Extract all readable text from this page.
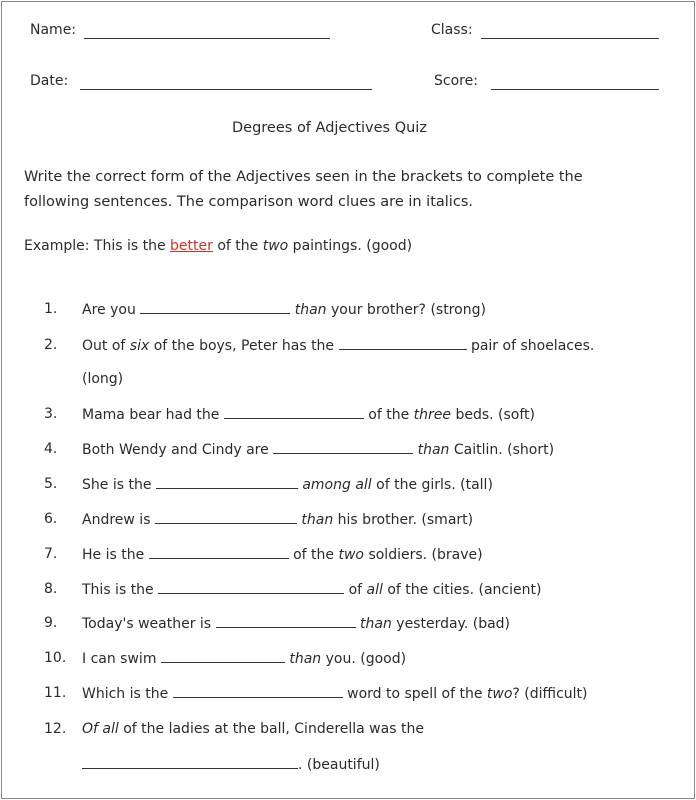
Name:	Class:
Date:	Score:
Degrees of Adjectives Quiz
Write the correct form of the Adjectives seen in the brackets to complete the
following sentences. The comparison word clues are in italics.
Example: This is the better of the two paintings. (good)
1. Are you	than your brother? (strong)
2. Out of six of the boys, Peter has the	pair of shoelaces.
(long)
3. Mama bear had the	of the three beds. (soft)
4. Both Wendy and Cindy are	than Caitlin. (short)
5. She is the	among all of the girls. (tall)
6. Andrew is	than his brother. (smart)
7. He is the	of the two soldiers. (brave)
8. This is the	of all of the cities. (ancient)
9. Today's weather is	than yesterday. (bad)
10. I can swim	than you. (good)
11. Which is the	word to spell of the two? (difficult)
12. Of all of the ladies at the ball, Cinderella was the
. (beautiful)
